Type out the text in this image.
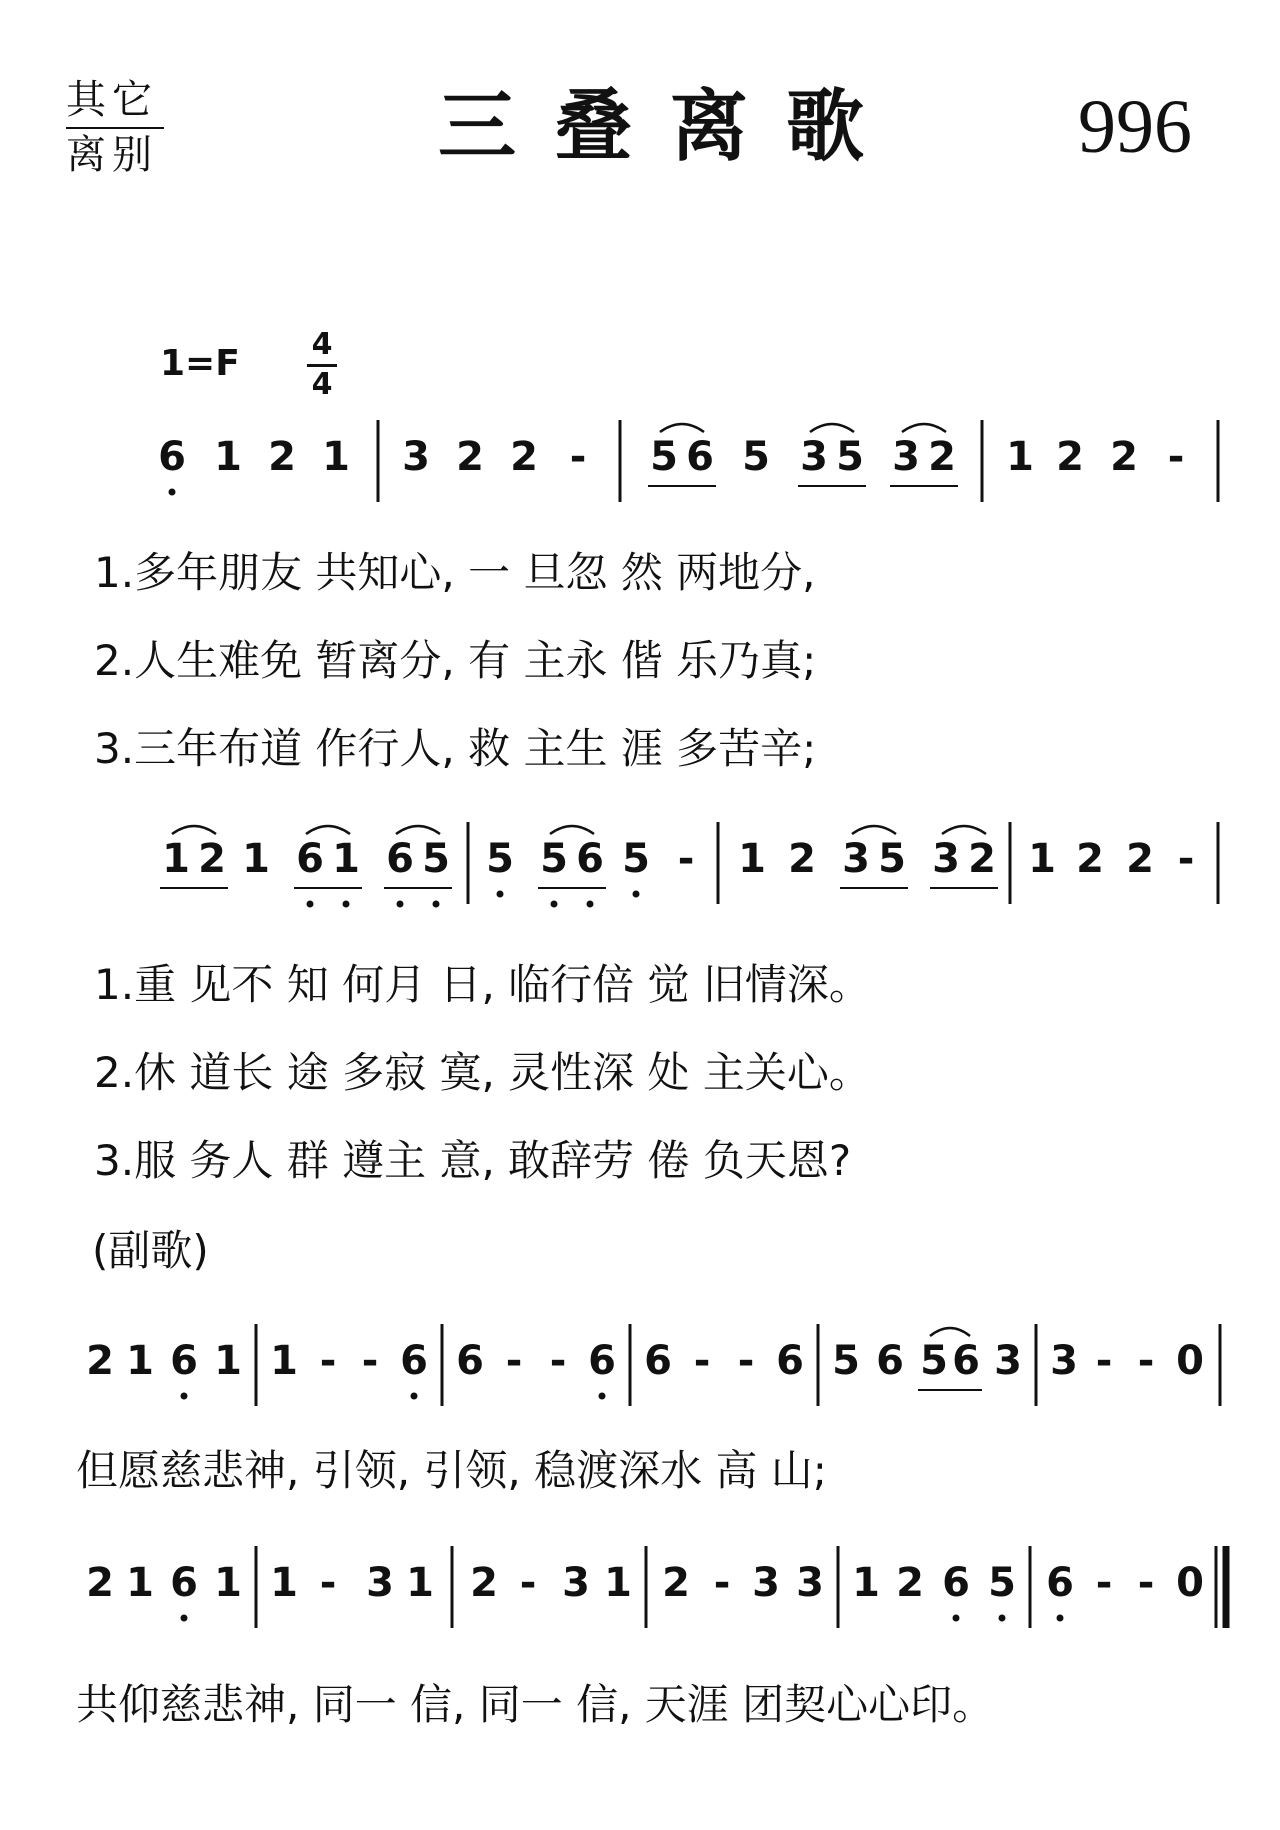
其它
离别	三叠离歌 996
1=F 4
4
6 1 2 1 3 2 2 - 5 6 5 3 5 3 2 1 2 2 -
1.多年朋友 共知心, 一 旦忽 然 两地分,
2.人生难免 暂离分, 有 主永 偕 乐乃真;
3.三年布道 作行人, 救 主生 涯 多苦辛;
1 2 1 6 1 6 5 5 5 6 5 - 1 2 3 5 3 2 1 2 2 -
1.重 见不 知 何月 日, 临行倍 觉 旧情深。
2.休 道长 途 多寂 寞, 灵性深 处 主关心。
3.服 务人 群 遵主 意, 敢辞劳 倦 负天恩?
(副歌)
2 1 6 1 1 - - 6 6 - - 6 6 - - 6 5 6 5 6 3 3 - - 0
但愿慈悲神, 引领, 引领, 稳渡深水 高 山;
2 1 6 1 1 - 3 1 2 - 3 1 2 - 3 3 1 2 6 5 6 - - 0
共仰慈悲神, 同一 信, 同一 信, 天涯 团契心心印。
